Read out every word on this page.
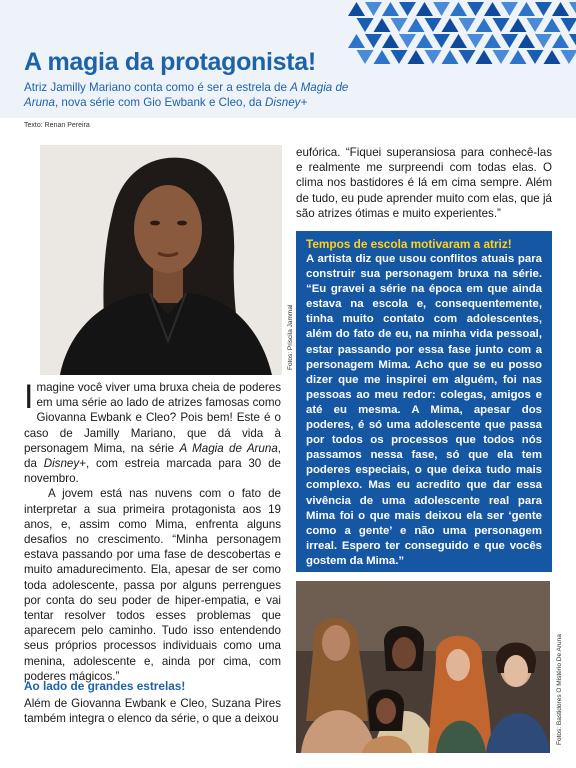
A magia da protagonista!
Atriz Jamilly Mariano conta como é ser a estrela de A Magia de Aruna, nova série com Gio Ewbank e Cleo, da Disney+
Texto: Renan Pereira
Fotos: Priscila Jammal

Imagine você viver uma bruxa cheia de poderes em uma série ao lado de atrizes famosas como Giovanna Ewbank e Cleo? Pois bem! Este é o caso de Jamilly Mariano, que dá vida à personagem Mima, na série A Magia de Aruna, da Disney+, com estreia marcada para 30 de novembro.

A jovem está nas nuvens com o fato de interpretar a sua primeira protagonista aos 19 anos, e, assim como Mima, enfrenta alguns desafios no crescimento. “Minha personagem estava passando por uma fase de descobertas e muito amadurecimento. Ela, apesar de ser como toda adolescente, passa por alguns perrengues por conta do seu poder de hiper-empatia, e vai tentar resolver todos esses problemas que aparecem pelo caminho. Tudo isso entendendo seus próprios processos individuais como uma menina, adolescente e, ainda por cima, com poderes mágicos.”

Ao lado de grandes estrelas!
Além de Giovanna Ewbank e Cleo, Suzana Pires também integra o elenco da série, o que a deixou
eufórica. “Fiquei superansiosa para conhecê-las e realmente me surpreendi com todas elas. O clima nos bastidores é lá em cima sempre. Além de tudo, eu pude aprender muito com elas, que já são atrizes ótimas e muito experientes.”
Tempos de escola motivaram a atriz!

A artista diz que usou conflitos atuais para construir sua personagem bruxa na série. “Eu gravei a série na época em que ainda estava na escola e, consequentemente, tinha muito contato com adolescentes, além do fato de eu, na minha vida pessoal, estar passando por essa fase junto com a personagem Mima. Acho que se eu posso dizer que me inspirei em alguém, foi nas pessoas ao meu redor: colegas, amigos e até eu mesma. A Mima, apesar dos poderes, é só uma adolescente que passa por todos os processos que todos nós passamos nessa fase, só que ela tem poderes especiais, o que deixa tudo mais complexo. Mas eu acredito que dar essa vivência de uma adolescente real para Mima foi o que mais deixou ela ser ‘gente como a gente’ e não uma personagem irreal. Espero ter conseguido e que vocês gostem da Mima.”

Fotos: Bastidores O Mistério De Aruna
